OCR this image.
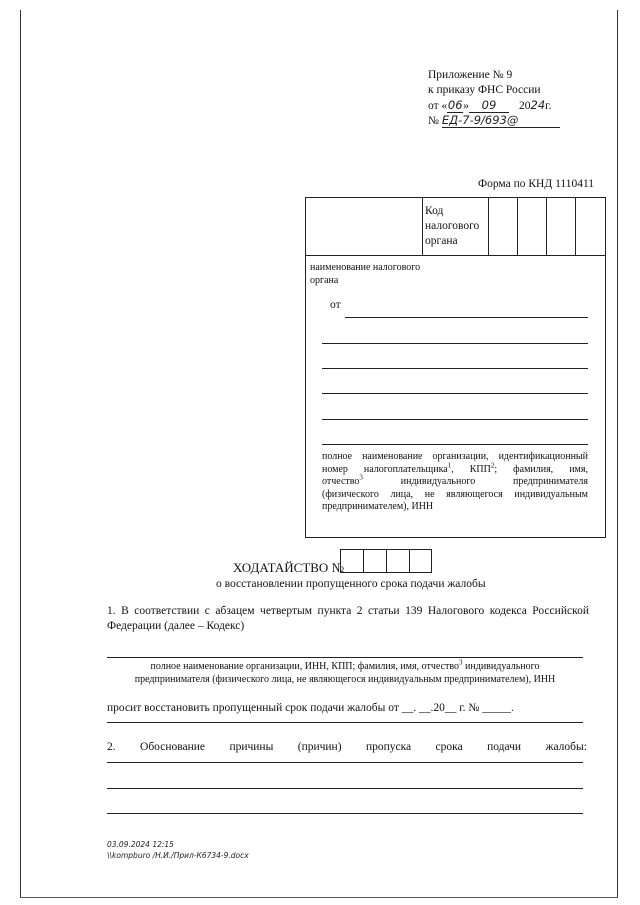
Приложение № 9
к приказу ФНС России
от «06» 09 2024г.
№ ЕД-7-9/693@
Форма по КНД 1110411
Код
налогового
органа
наименование налогового
органа
от
полное наименование организации, идентификационный
номер налогоплательщика$^1$, КПП$^2$; фамилия, имя,
отчество$^3$	индивидуального предпринимателя
(физического лица, не являющегося индивидуальным
предпринимателем), ИНН
ХОДАТАЙСТВО №
о восстановлении пропущенного срока подачи жалобы
1. В соответствии с абзацем четвертым пункта 2 статьи 139 Налогового кодекса Российской
Федерации (далее – Кодекс)
полное наименование организации, ИНН, КПП; фамилия, имя, отчество$^3$ индивидуального
предпринимателя (физического лица, не являющегося индивидуальным предпринимателем), ИНН
просит восстановить пропущенный срок подачи жалобы от __. __.20__ г. № _____.
2. Обоснование причины (причин) пропуска срока подачи жалобы:
03.09.2024 12:15
\\kompburo /Н.И./Прил-К6734-9.docx
